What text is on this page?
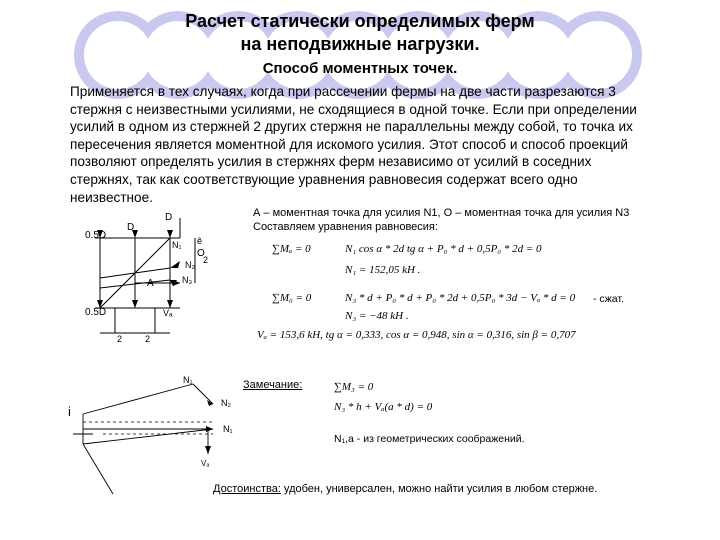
Расчет статически определимых ферм
на неподвижные нагрузки.
Способ моментных точек.
Применяется в тех случаях, когда при рассечении фермы на две части разрезаются 3
стержня с неизвестными усилиями, не сходящиеся в одной точке. Если при определении
усилий в одном из стержней 2 других стержня не параллельны между собой, то точка их
пересечения является моментной для искомого усилия. Этот способ и способ проекций
позволяют определять усилия в стержнях ферм независимо от усилий в соседних
стержнях, так как соответствующие уравнения равновесия содержат всего одно
неизвестное.
А – моментная точка для усилия N1, О – моментная точка для усилия N3
Составляем уравнения равновесия:
0.5D
0.5D
D
D
N₁
N₂
N₃
O
A
Vₐ
2	2
ê
2
∑Mₐ = 0	N₁ cos α * 2d tg α + P₀ * d + 0,5P₀ * 2d = 0
N₁ = 152,05 kH .
∑M₀ = 0	N₃ * d + P₀ * d + P₀ * 2d + 0,5P₀ * 3d − Vₐ * d = 0 - сжат.
N₃ = −48 kH .
Vₐ = 153,6 kH, tg α = 0,333, cos α = 0,948, sin α = 0,316, sin β = 0,707
N₁
N₂
N₁
Vₐ
i
Замечание:	∑M₃ = 0
N₃ * h + Vₐ(a * d) = 0
N₁,a - из геометрических соображений.
Достоинства: удобен, универсален, можно найти усилия в любом стержне.
